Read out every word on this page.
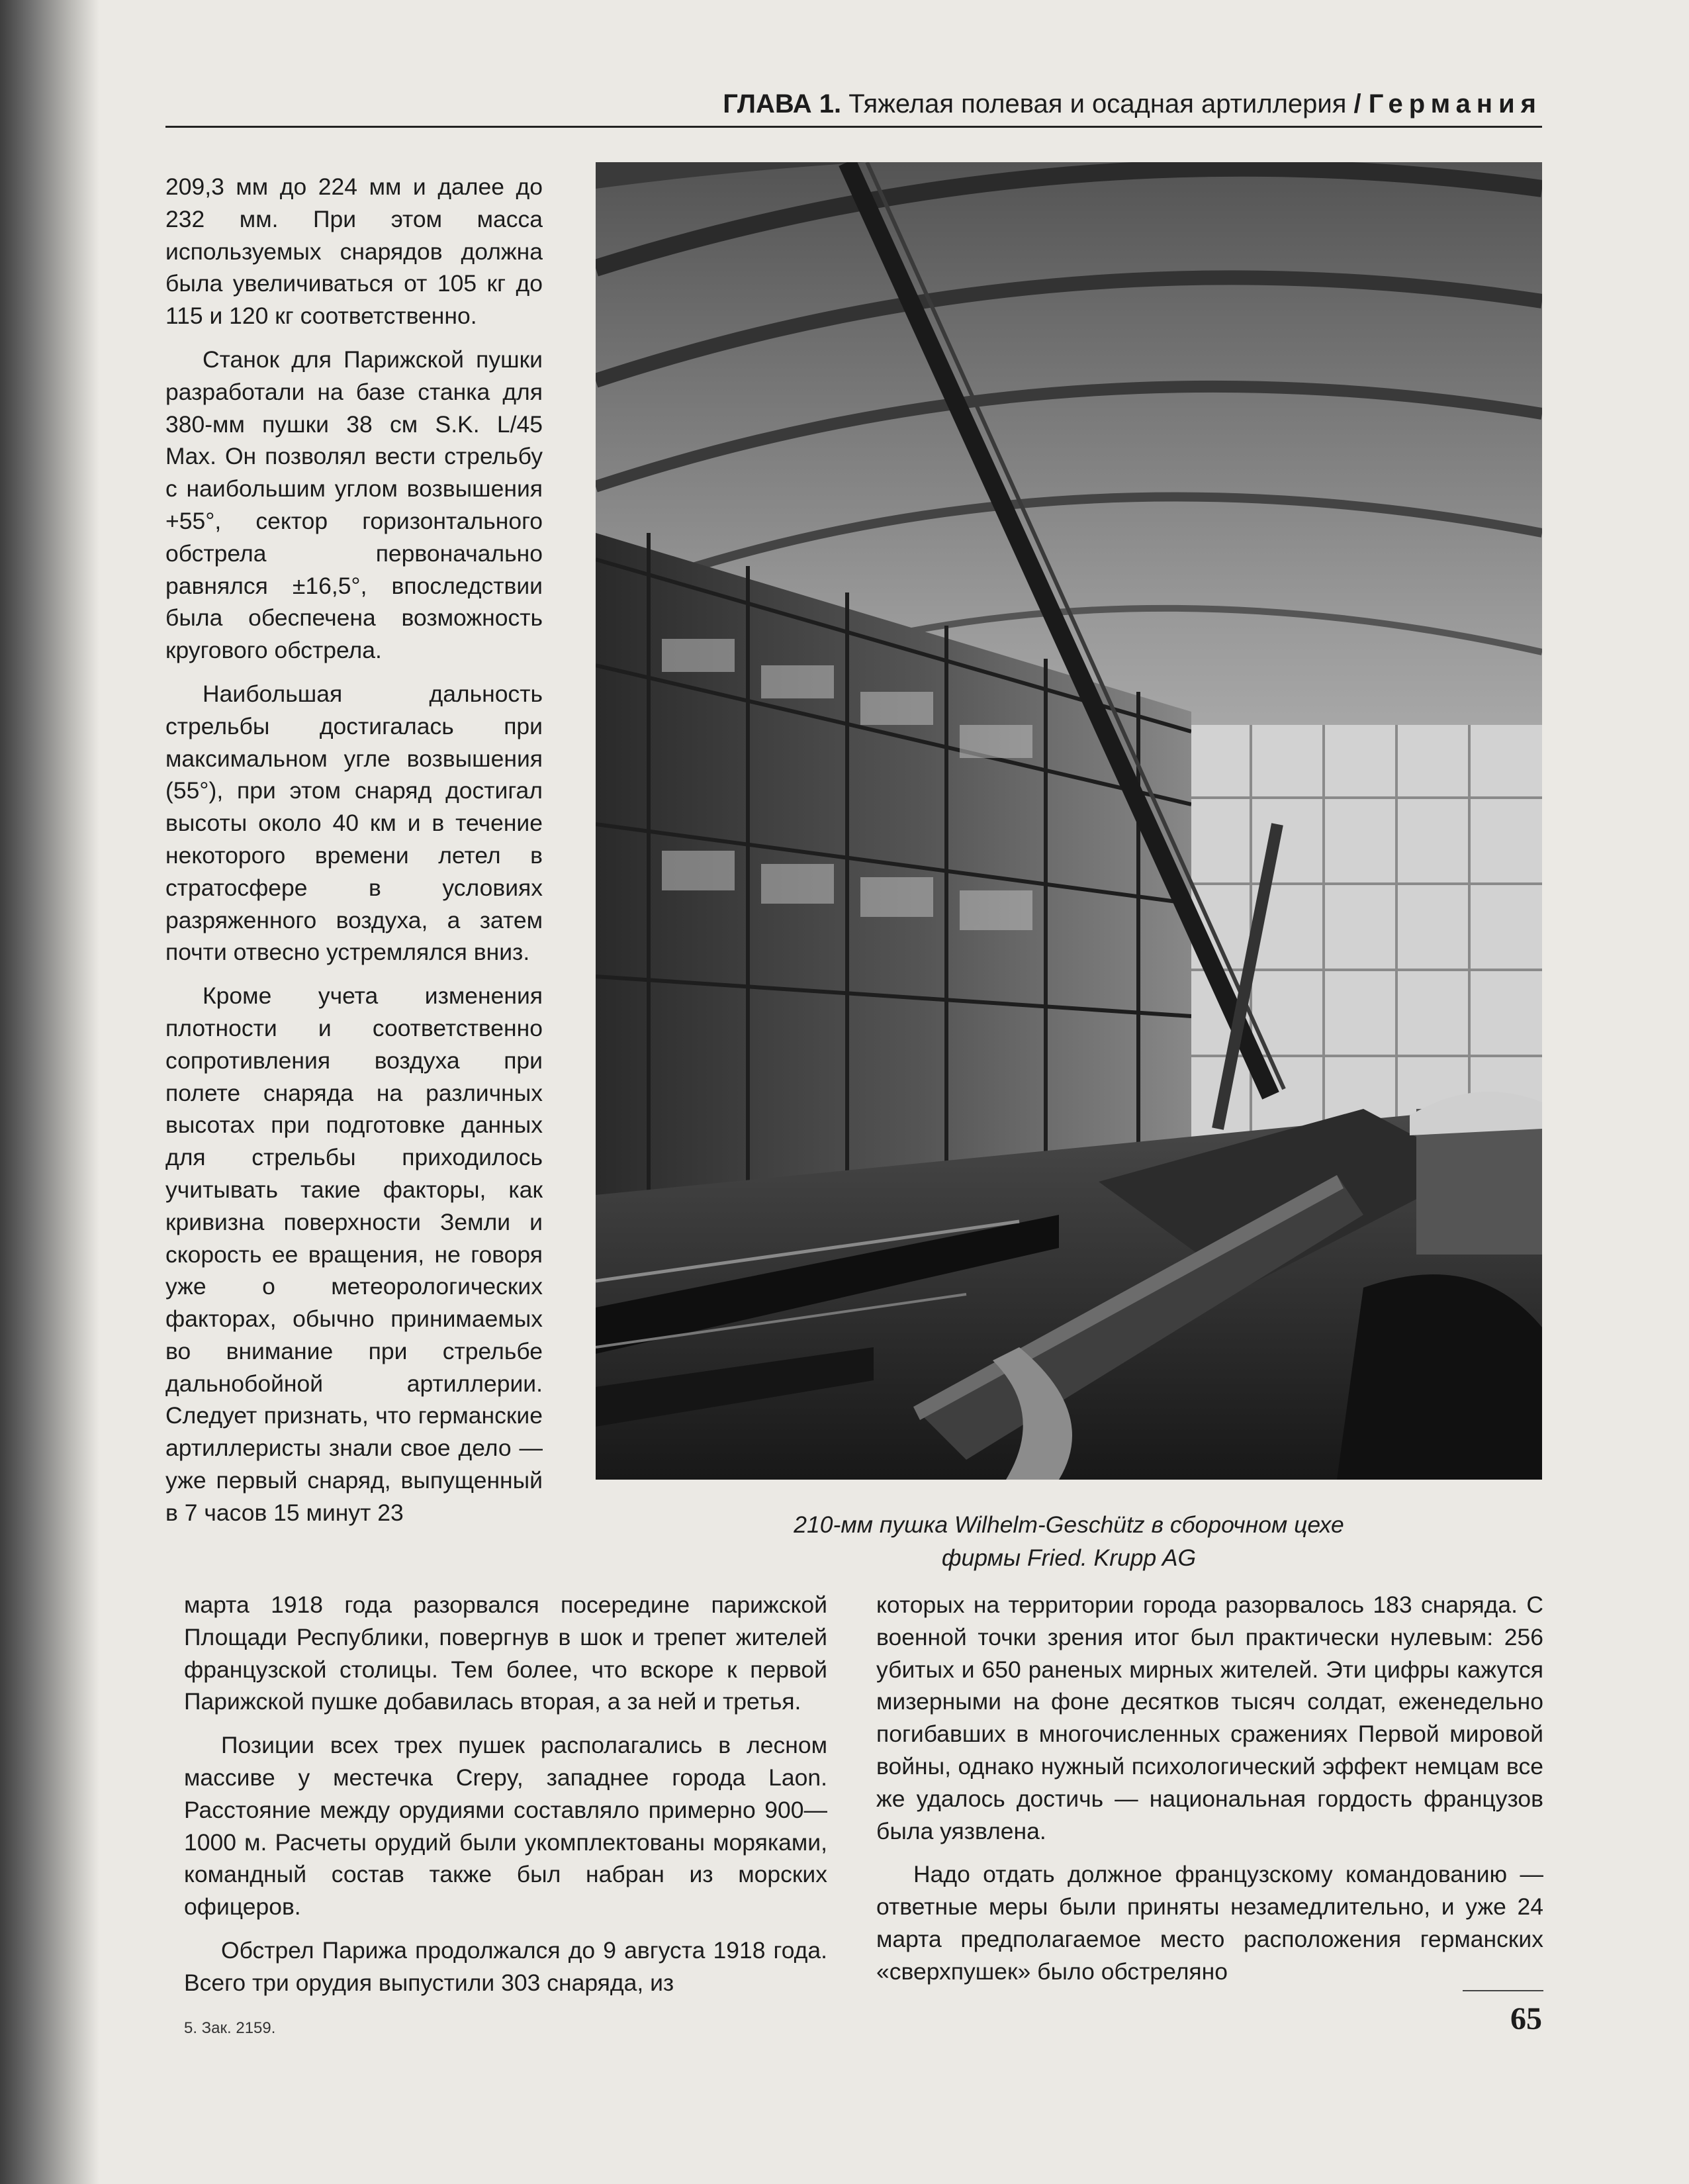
ГЛАВА 1. Тяжелая полевая и осадная артиллерия / Германия

209,3 мм до 224 мм и далее до 232 мм. При этом масса используемых снарядов должна была увеличиваться от 105 кг до 115 и 120 кг соответственно.

Станок для Парижской пушки разработали на базе станка для 380-мм пушки 38 см S.K. L/45 Max. Он позволял вести стрельбу с наибольшим углом возвышения +55°, сектор горизонтального обстрела первоначально равнялся ±16,5°, впоследствии была обеспечена возможность кругового обстрела.

Наибольшая дальность стрельбы достигалась при максимальном угле возвышения (55°), при этом снаряд достигал высоты около 40 км и в течение некоторого времени летел в стратосфере в условиях разряженного воздуха, а затем почти отвесно устремлялся вниз.

Кроме учета изменения плотности и соответственно сопротивления воздуха при полете снаряда на различных высотах при подготовке данных для стрельбы приходилось учитывать такие факторы, как кривизна поверхности Земли и скорость ее вращения, не говоря уже о метеорологических факторах, обычно принимаемых во внимание при стрельбе дальнобойной артиллерии. Следует признать, что германские артиллеристы знали свое дело — уже первый снаряд, выпущенный в 7 часов 15 минут 23	210-мм пушка Wilhelm-Geschütz в сборочном цехе
фирмы Fried. Krupp AG

марта 1918 года разорвался посередине парижской Площади Республики, повергнув в шок и трепет жителей французской столицы. Тем более, что вскоре к первой Парижской пушке добавилась вторая, а за ней и третья.

Позиции всех трех пушек располагались в лесном массиве у местечка Crepy, западнее города Laon. Расстояние между орудиями составляло примерно 900—1000 м. Расчеты орудий были укомплектованы моряками, командный состав также был набран из морских офицеров.

Обстрел Парижа продолжался до 9 августа 1918 года. Всего три орудия выпустили 303 снаряда, из

которых на территории города разорвалось 183 снаряда. С военной точки зрения итог был практически нулевым: 256 убитых и 650 раненых мирных жителей. Эти цифры кажутся мизерными на фоне десятков тысяч солдат, еженедельно погибавших в многочисленных сражениях Первой мировой войны, однако нужный психологический эффект немцам все же удалось достичь — национальная гордость французов была уязвлена.

Надо отдать должное французскому командованию — ответные меры были приняты незамедлительно, и уже 24 марта предполагаемое место расположения германских «сверхпушек» было обстреляно

5. Зак. 2159.	65
